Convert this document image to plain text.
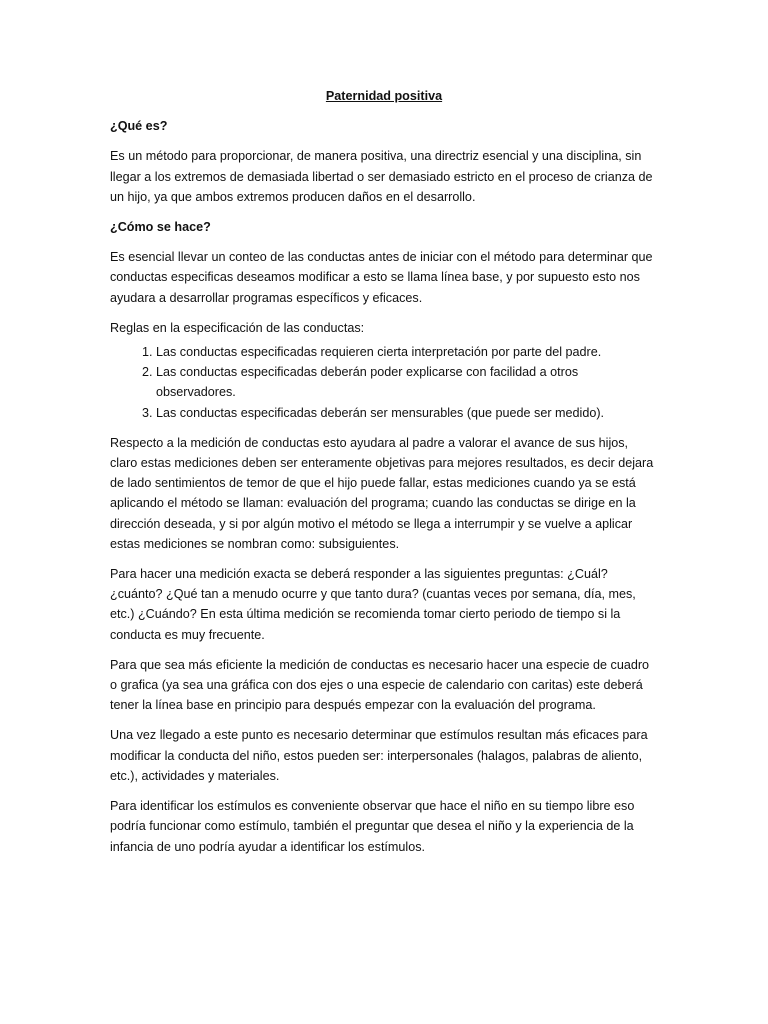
Paternidad positiva
¿Qué es?

Es un método para proporcionar, de manera positiva, una directriz esencial y una disciplina, sin llegar a los extremos de demasiada libertad o ser demasiado estricto en el proceso de crianza de un hijo, ya que ambos extremos producen daños en el desarrollo.

¿Cómo se hace?

Es esencial llevar un conteo de las conductas antes de iniciar con el método para determinar que conductas especificas deseamos modificar a esto se llama línea base, y por supuesto esto nos ayudara a desarrollar programas específicos y eficaces.

Reglas en la especificación de las conductas:

1. Las conductas especificadas requieren cierta interpretación por parte del padre.
2. Las conductas especificadas deberán poder explicarse con facilidad a otros observadores.
3. Las conductas especificadas deberán ser mensurables (que puede ser medido).

Respecto a la medición de conductas esto ayudara al padre a valorar el avance de sus hijos, claro estas mediciones deben ser enteramente objetivas para mejores resultados, es decir dejara de lado sentimientos de temor de que el hijo puede fallar, estas mediciones cuando ya se está aplicando el método se llaman: evaluación del programa; cuando las conductas se dirige en la dirección deseada, y si por algún motivo el método se llega a interrumpir y se vuelve a aplicar estas mediciones se nombran como: subsiguientes.

Para hacer una medición exacta se deberá responder a las siguientes preguntas: ¿Cuál? ¿cuánto? ¿Qué tan a menudo ocurre y que tanto dura? (cuantas veces por semana, día, mes, etc.) ¿Cuándo? En esta última medición se recomienda tomar cierto periodo de tiempo si la conducta es muy frecuente.

Para que sea más eficiente la medición de conductas es necesario hacer una especie de cuadro o grafica (ya sea una gráfica con dos ejes o una especie de calendario con caritas) este deberá tener la línea base en principio para después empezar con la evaluación del programa.

Una vez llegado a este punto es necesario determinar que estímulos resultan más eficaces para modificar la conducta del niño, estos pueden ser: interpersonales (halagos, palabras de aliento, etc.), actividades y materiales.

Para identificar los estímulos es conveniente observar que hace el niño en su tiempo libre eso podría funcionar como estímulo, también el preguntar que desea el niño y la experiencia de la infancia de uno podría ayudar a identificar los estímulos.
